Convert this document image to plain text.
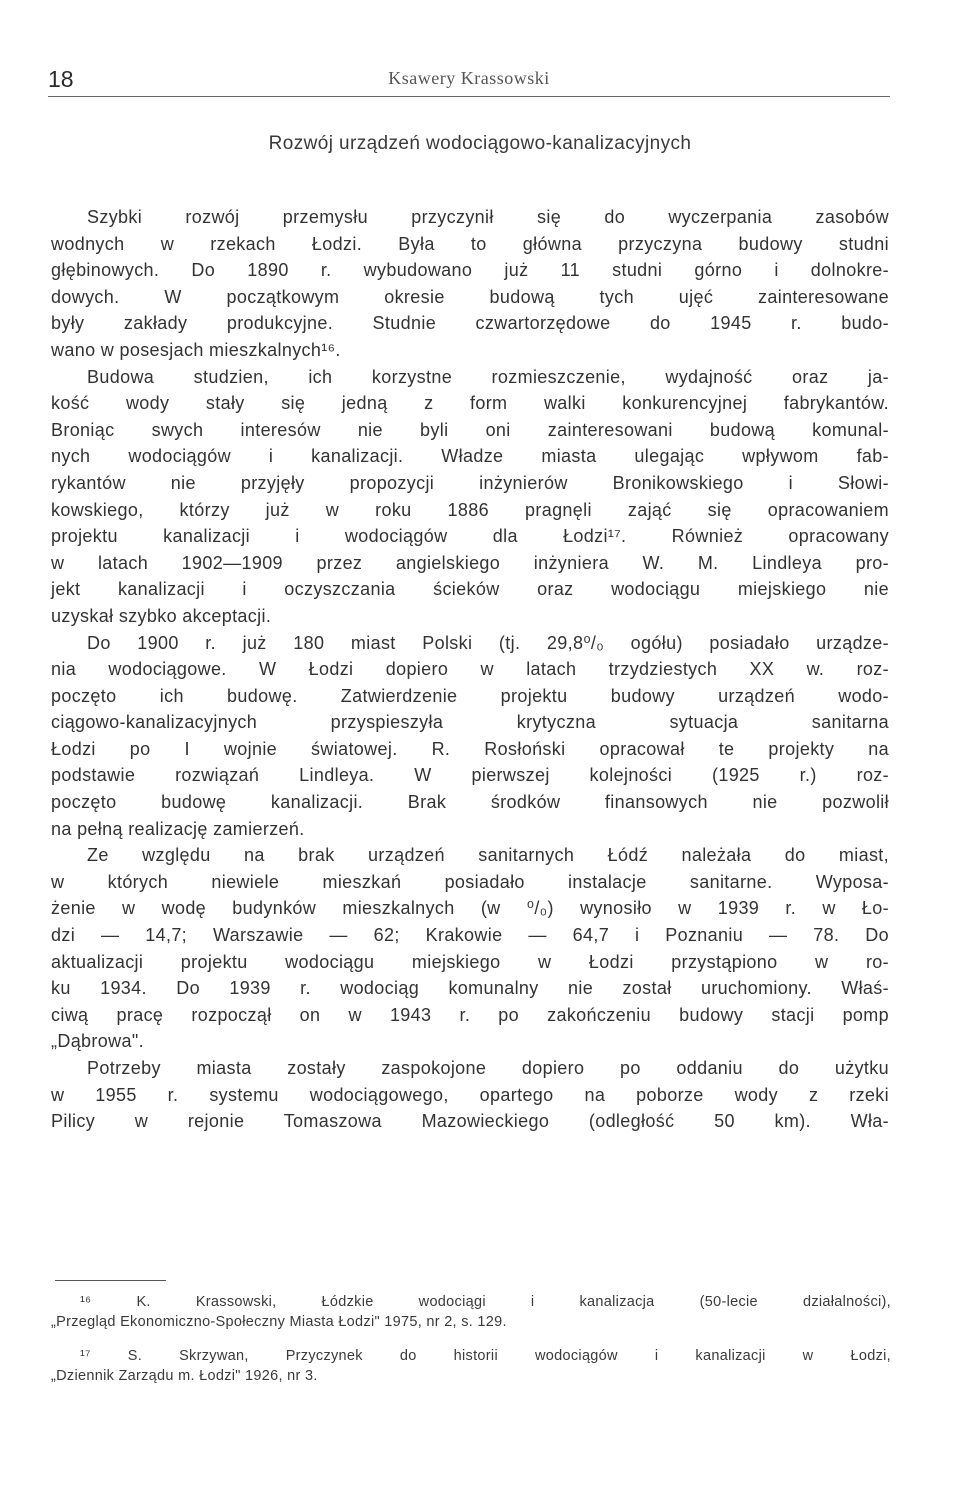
18	Ksawery Krassowski
Rozwój urządzeń wodociągowo-kanalizacyjnych
Szybki rozwój przemysłu przyczynił się do wyczerpania zasobów
wodnych w rzekach Łodzi. Była to główna przyczyna budowy studni
głębinowych. Do 1890 r. wybudowano już 11 studni górno i dolnokre-
dowych. W początkowym okresie budową tych ujęć zainteresowane
były zakłady produkcyjne. Studnie czwartorzędowe do 1945 r. budo-
wano w posesjach mieszkalnych¹⁶.
Budowa studzien, ich korzystne rozmieszczenie, wydajność oraz ja-
kość wody stały się jedną z form walki konkurencyjnej fabrykantów.
Broniąc swych interesów nie byli oni zainteresowani budową komunal-
nych wodociągów i kanalizacji. Władze miasta ulegając wpływom fab-
rykantów nie przyjęły propozycji inżynierów Bronikowskiego i Słowi-
kowskiego, którzy już w roku 1886 pragnęli zająć się opracowaniem
projektu kanalizacji i wodociągów dla Łodzi¹⁷. Również opracowany
w latach 1902—1909 przez angielskiego inżyniera W. M. Lindleya pro-
jekt kanalizacji i oczyszczania ścieków oraz wodociągu miejskiego nie
uzyskał szybko akceptacji.
Do 1900 r. już 180 miast Polski (tj. 29,8⁰/₀ ogółu) posiadało urządze-
nia wodociągowe. W Łodzi dopiero w latach trzydziestych XX w. roz-
poczęto ich budowę. Zatwierdzenie projektu budowy urządzeń wodo-
ciągowo-kanalizacyjnych przyspieszyła krytyczna sytuacja sanitarna
Łodzi po I wojnie światowej. R. Rosłoński opracował te projekty na
podstawie rozwiązań Lindleya. W pierwszej kolejności (1925 r.) roz-
poczęto budowę kanalizacji. Brak środków finansowych nie pozwolił
na pełną realizację zamierzeń.
Ze względu na brak urządzeń sanitarnych Łódź należała do miast,
w których niewiele mieszkań posiadało instalacje sanitarne. Wyposa-
żenie w wodę budynków mieszkalnych (w ⁰/₀) wynosiło w 1939 r. w Ło-
dzi — 14,7; Warszawie — 62; Krakowie — 64,7 i Poznaniu — 78. Do
aktualizacji projektu wodociągu miejskiego w Łodzi przystąpiono w ro-
ku 1934. Do 1939 r. wodociąg komunalny nie został uruchomiony. Właś-
ciwą pracę rozpoczął on w 1943 r. po zakończeniu budowy stacji pomp
„Dąbrowa".
Potrzeby miasta zostały zaspokojone dopiero po oddaniu do użytku
w 1955 r. systemu wodociągowego, opartego na poborze wody z rzeki
Pilicy w rejonie Tomaszowa Mazowieckiego (odległość 50 km). Wła-
¹⁶ K. Krassowski, Łódzkie wodociągi i kanalizacja (50-lecie działalności),
„Przegląd Ekonomiczno-Społeczny Miasta Łodzi" 1975, nr 2, s. 129.
¹⁷ S. Skrzywan, Przyczynek do historii wodociągów i kanalizacji w Łodzi,
„Dziennik Zarządu m. Łodzi" 1926, nr 3.
